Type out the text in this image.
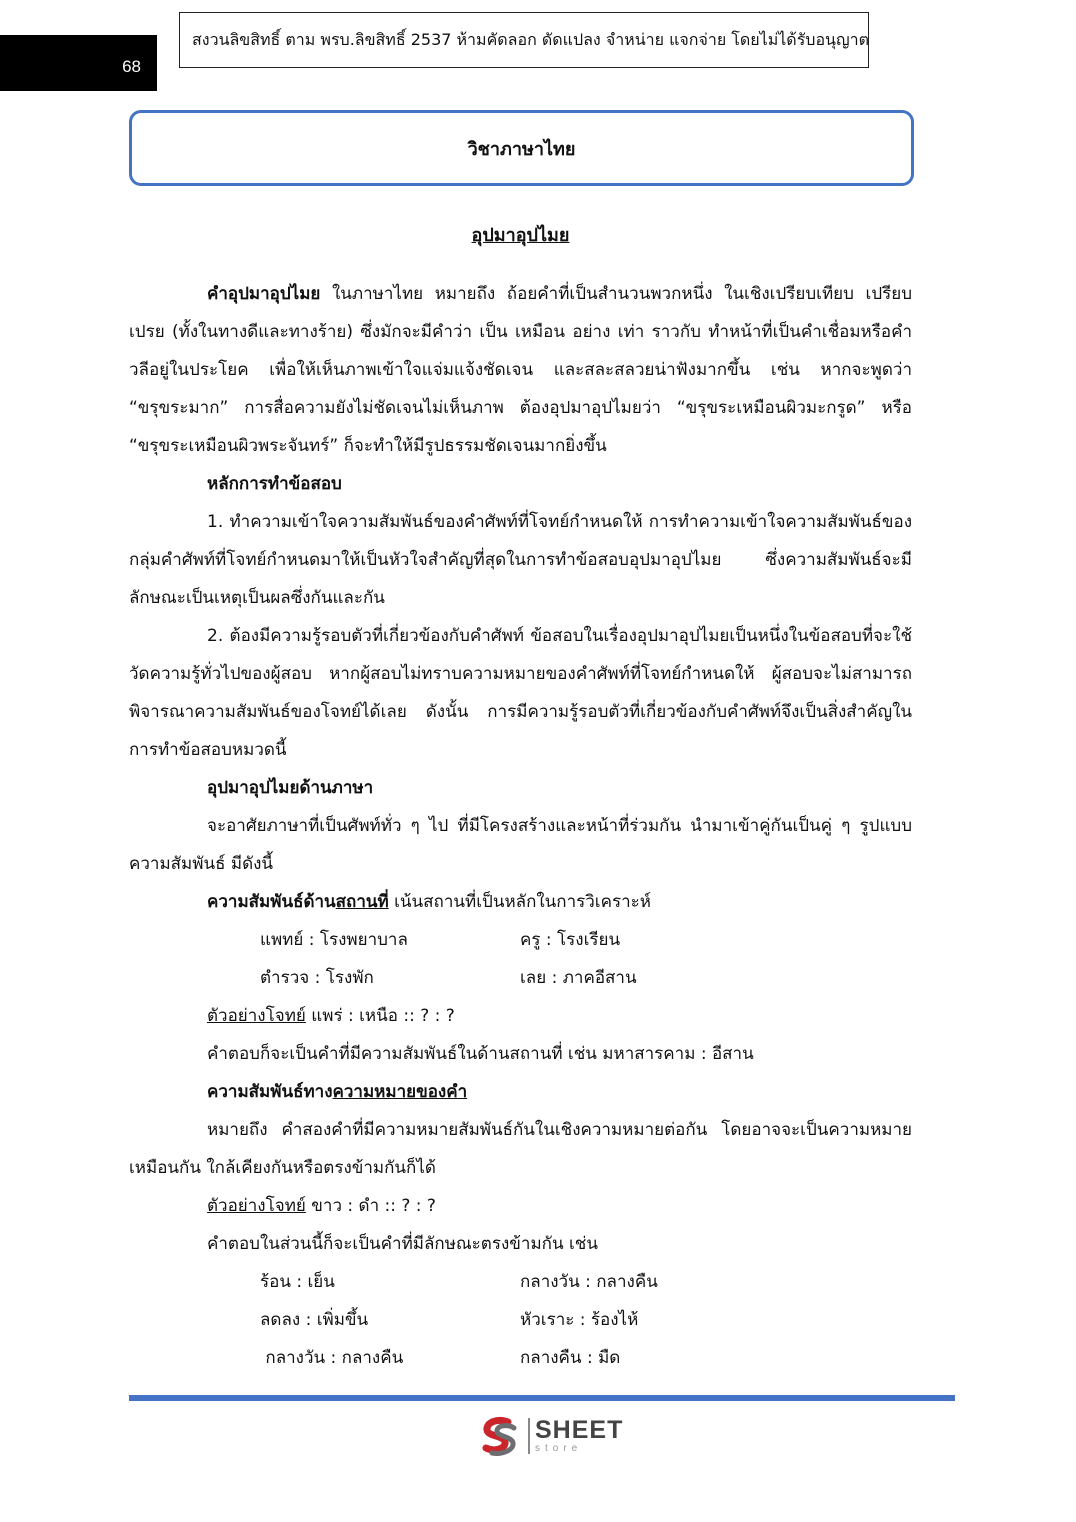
68
สงวนลิขสิทธิ์ ตาม พรบ.ลิขสิทธิ์ 2537 ห้ามคัดลอก ดัดแปลง จำหน่าย แจกจ่าย โดยไม่ได้รับอนุญาต
วิชาภาษาไทย
อุปมาอุปไมย

คำอุปมาอุปไมย ในภาษาไทย หมายถึง ถ้อยคำที่เป็นสำนวนพวกหนึ่ง ในเชิงเปรียบเทียบ เปรียบเปรย (ทั้งในทางดีและทางร้าย) ซึ่งมักจะมีคำว่า เป็น เหมือน อย่าง เท่า ราวกับ ทำหน้าที่เป็นคำเชื่อมหรือคำวลีอยู่ในประโยค เพื่อให้เห็นภาพเข้าใจแจ่มแจ้งชัดเจน และสละสลวยน่าฟังมากขึ้น เช่น หากจะพูดว่า “ขรุขระมาก” การสื่อความยังไม่ชัดเจนไม่เห็นภาพ ต้องอุปมาอุปไมยว่า “ขรุขระเหมือนผิวมะกรูด” หรือ “ขรุขระเหมือนผิวพระจันทร์” ก็จะทำให้มีรูปธรรมชัดเจนมากยิ่งขึ้น

หลักการทำข้อสอบ

1. ทำความเข้าใจความสัมพันธ์ของคำศัพท์ที่โจทย์กำหนดให้ การทำความเข้าใจความสัมพันธ์ของกลุ่มคำศัพท์ที่โจทย์กำหนดมาให้เป็นหัวใจสำคัญที่สุดในการทำข้อสอบอุปมาอุปไมย ซึ่งความสัมพันธ์จะมีลักษณะเป็นเหตุเป็นผลซึ่งกันและกัน

2. ต้องมีความรู้รอบตัวที่เกี่ยวข้องกับคำศัพท์ ข้อสอบในเรื่องอุปมาอุปไมยเป็นหนึ่งในข้อสอบที่จะใช้วัดความรู้ทั่วไปของผู้สอบ หากผู้สอบไม่ทราบความหมายของคำศัพท์ที่โจทย์กำหนดให้ ผู้สอบจะไม่สามารถพิจารณาความสัมพันธ์ของโจทย์ได้เลย ดังนั้น การมีความรู้รอบตัวที่เกี่ยวข้องกับคำศัพท์จึงเป็นสิ่งสำคัญในการทำข้อสอบหมวดนี้

อุปมาอุปไมยด้านภาษา

จะอาศัยภาษาที่เป็นศัพท์ทั่ว ๆ ไป ที่มีโครงสร้างและหน้าที่ร่วมกัน นำมาเข้าคู่กันเป็นคู่ ๆ รูปแบบความสัมพันธ์ มีดังนี้

ความสัมพันธ์ด้านสถานที่ เน้นสถานที่เป็นหลักในการวิเคราะห์

แพทย์ : โรงพยาบาล	ครู : โรงเรียน
ตำรวจ : โรงพัก	เลย : ภาคอีสาน

ตัวอย่างโจทย์ แพร่ : เหนือ :: ? : ?

คำตอบก็จะเป็นคำที่มีความสัมพันธ์ในด้านสถานที่ เช่น มหาสารคาม : อีสาน

ความสัมพันธ์ทางความหมายของคำ

หมายถึง คำสองคำที่มีความหมายสัมพันธ์กันในเชิงความหมายต่อกัน โดยอาจจะเป็นความหมายเหมือนกัน ใกล้เคียงกันหรือตรงข้ามกันก็ได้

ตัวอย่างโจทย์ ขาว : ดำ :: ? : ?

คำตอบในส่วนนี้ก็จะเป็นคำที่มีลักษณะตรงข้ามกัน เช่น

ร้อน : เย็น	กลางวัน : กลางคืน
ลดลง : เพิ่มขึ้น	หัวเราะ : ร้องไห้
กลางวัน : กลางคืน	กลางคืน : มืด
SHEET
store
